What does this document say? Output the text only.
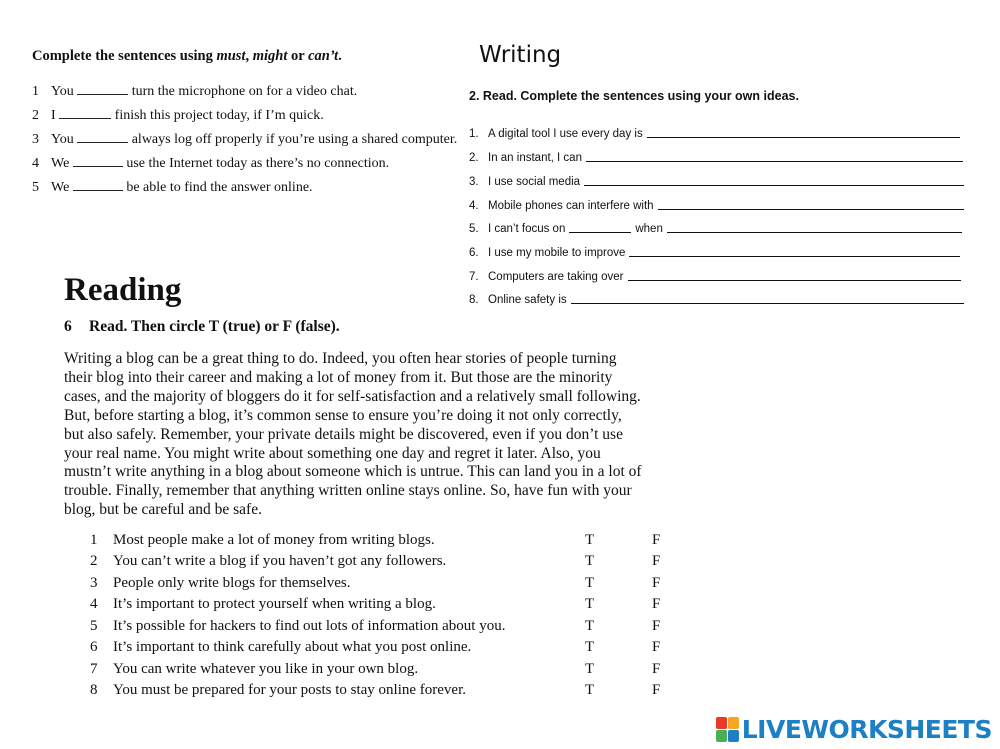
Complete the sentences using must, might or can’t.
1 You	turn the microphone on for a video chat.
2 I	finish this project today, if I’m quick.
3 You	always log off properly if you’re using a shared computer.
4 We	use the Internet today as there’s no connection.
5 We	be able to find the answer online.
Writing
2. Read. Complete the sentences using your own ideas.
1. A digital tool I use every day is
2. In an instant, I can
3. I use social media
4. Mobile phones can interfere with
5. I can’t focus on	when
6. I use my mobile to improve
7. Computers are taking over
8. Online safety is
Reading
6 Read. Then circle T (true) or F (false).
Writing a blog can be a great thing to do. Indeed, you often hear stories of people turning
their blog into their career and making a lot of money from it. But those are the minority
cases, and the majority of bloggers do it for self-satisfaction and a relatively small following.
But, before starting a blog, it’s common sense to ensure you’re doing it not only correctly,
but also safely. Remember, your private details might be discovered, even if you don’t use
your real name. You might write about something one day and regret it later. Also, you
mustn’t write anything in a blog about someone which is untrue. This can land you in a lot of
trouble. Finally, remember that anything written online stays online. So, have fun with your
blog, but be careful and be safe.
1 Most people make a lot of money from writing blogs.	T	F
2 You can’t write a blog if you haven’t got any followers.	T	F
3 People only write blogs for themselves.	T	F
4 It’s important to protect yourself when writing a blog.	T	F
5 It’s possible for hackers to find out lots of information about you.	T	F
6 It’s important to think carefully about what you post online.	T	F
7 You can write whatever you like in your own blog.	T	F
8 You must be prepared for your posts to stay online forever.	T	F
LIVEWORKSHEETS
